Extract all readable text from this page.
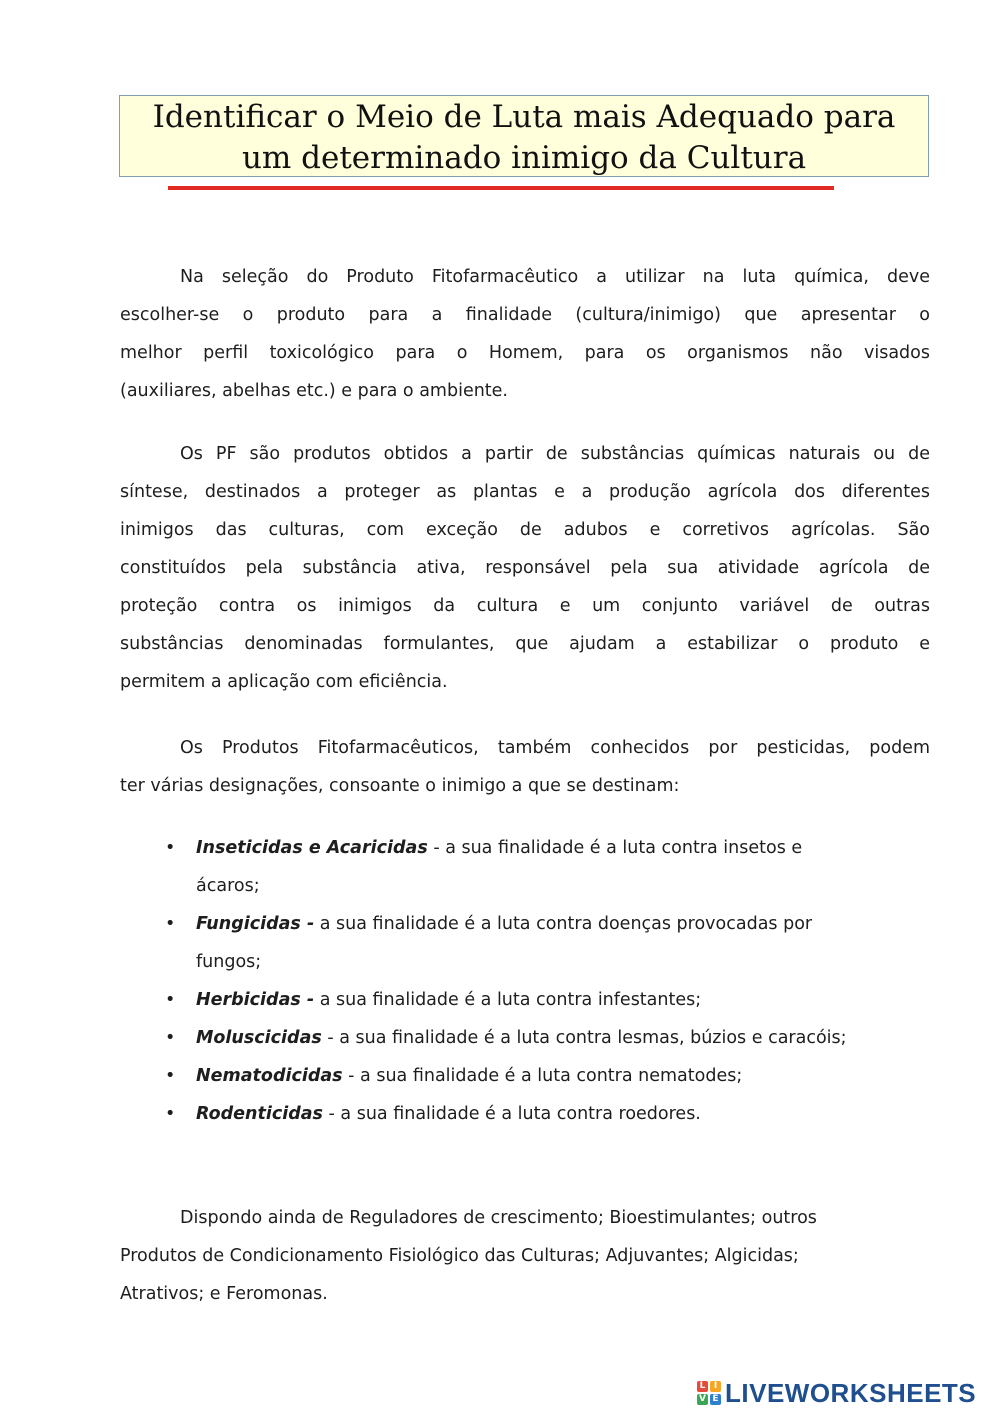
Identificar o Meio de Luta mais Adequado para
um determinado inimigo da Cultura
Na seleção do Produto Fitofarmacêutico a utilizar na luta química, deve
escolher-se o produto para a finalidade (cultura/inimigo) que apresentar o
melhor perfil toxicológico para o Homem, para os organismos não visados
(auxiliares, abelhas etc.) e para o ambiente.
Os PF são produtos obtidos a partir de substâncias químicas naturais ou de
síntese, destinados a proteger as plantas e a produção agrícola dos diferentes
inimigos das culturas, com exceção de adubos e corretivos agrícolas. São
constituídos pela substância ativa, responsável pela sua atividade agrícola de
proteção contra os inimigos da cultura e um conjunto variável de outras
substâncias denominadas formulantes, que ajudam a estabilizar o produto e
permitem a aplicação com eficiência.
Os Produtos Fitofarmacêuticos, também conhecidos por pesticidas, podem
ter várias designações, consoante o inimigo a que se destinam:
• Inseticidas e Acaricidas - a sua finalidade é a luta contra insetos e
ácaros;
• Fungicidas - a sua finalidade é a luta contra doenças provocadas por
fungos;
• Herbicidas - a sua finalidade é a luta contra infestantes;
• Moluscicidas - a sua finalidade é a luta contra lesmas, búzios e caracóis;
• Nematodicidas - a sua finalidade é a luta contra nematodes;
• Rodenticidas - a sua finalidade é a luta contra roedores.
Dispondo ainda de Reguladores de crescimento; Bioestimulantes; outros
Produtos de Condicionamento Fisiológico das Culturas; Adjuvantes; Algicidas;
Atrativos; e Feromonas.
L I
V E LIVEWORKSHEETS
